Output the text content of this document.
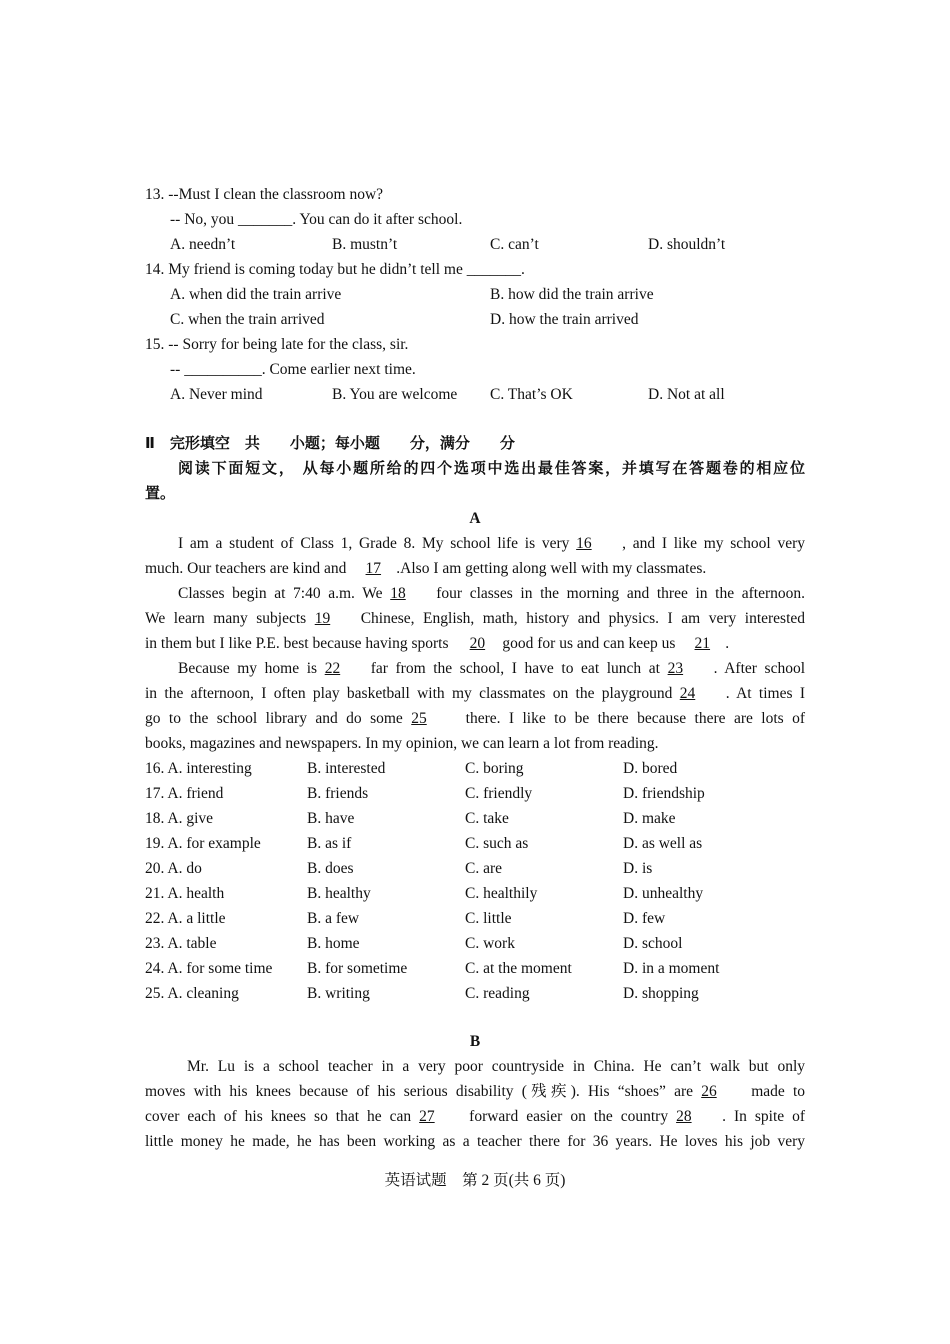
13. --Must I clean the classroom now?
-- No, you _______. You can do it after school.
A. needn’t	B. mustn’t	C. can’t	D. shouldn’t
14. My friend is coming today but he didn’t tell me _______.
A. when did the train arrive	B. how did the train arrive
C. when the train arrived	D. how the train arrived
15. -- Sorry for being late for the class, sir.
-- __________. Come earlier next time.
A. Never mind	B. You are welcome C. That’s OK	D. Not at all
Ⅱ　完形填空　共　　小题；每小题　　分，满分　　分
阅读下面短文， 从每小题所给的四个选项中选出最佳答案，并填写在答题卷的相应位
置。
A
I am a student of Class 1, Grade 8. My school life is very 16 , and I like my school very
much. Our teachers are kind and 17 .Also I am getting along well with my classmates.
Classes begin at 7:40 a.m. We 18 four classes in the morning and three in the afternoon.
We learn many subjects 19 Chinese, English, math, history and physics. I am very interested
in them but I like P.E. best because having sports 20 good for us and can keep us 21 .
Because my home is 22 far from the school, I have to eat lunch at 23 . After school
in the afternoon, I often play basketball with my classmates on the playground 24 . At times I
go to the school library and do some 25 there. I like to be there because there are lots of
books, magazines and newspapers. In my opinion, we can learn a lot from reading.
16. A. interesting	B. interested	C. boring	D. bored
17. A. friend	B. friends	C. friendly	D. friendship
18. A. give	B. have	C. take	D. make
19. A. for example	B. as if	C. such as	D. as well as
20. A. do	B. does	C. are	D. is
21. A. health	B. healthy	C. healthily	D. unhealthy
22. A. a little	B. a few	C. little	D. few
23. A. table	B. home	C. work	D. school
24. A. for some time B. for sometime	C. at the moment	D. in a moment
25. A. cleaning	B. writing	C. reading	D. shopping
B
Mr. Lu is a school teacher in a very poor countryside in China. He can’t walk but only
moves with his knees because of his serious disability (残疾). His “shoes” are 26 made to
cover each of his knees so that he can 27 forward easier on the country 28 . In spite of
little money he made, he has been working as a teacher there for 36 years. He loves his job very
英语试题　第 2 页(共 6 页)
